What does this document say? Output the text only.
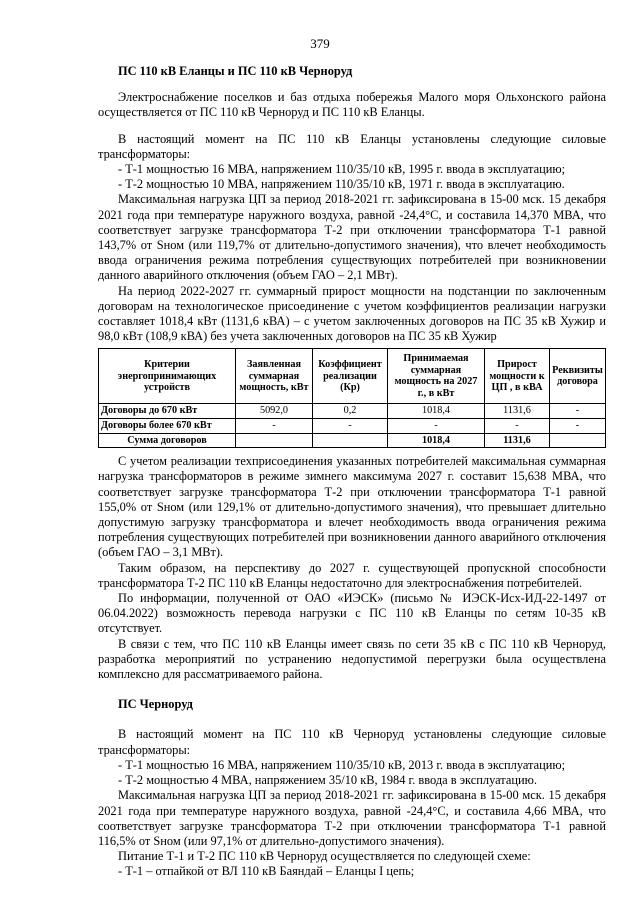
379

ПС 110 кВ Еланцы и ПС 110 кВ Черноруд

Электроснабжение поселков и баз отдыха побережья Малого моря Ольхонского района осуществляется от ПС 110 кВ Черноруд и ПС 110 кВ Еланцы.

В настоящий момент на ПС 110 кВ Еланцы установлены следующие силовые трансформаторы:

- Т-1 мощностью 16 МВА, напряжением 110/35/10 кВ, 1995 г. ввода в эксплуатацию;

- Т-2 мощностью 10 МВА, напряжением 110/35/10 кВ, 1971 г. ввода в эксплуатацию.

Максимальная нагрузка ЦП за период 2018-2021 гг. зафиксирована в 15-00 мск. 15 декабря 2021 года при температуре наружного воздуха, равной -24,4°С, и составила 14,370 МВА, что соответствует загрузке трансформатора Т-2 при отключении трансформатора Т-1 равной 143,7% от Sном (или 119,7% от длительно-допустимого значения), что влечет необходимость ввода ограничения режима потребления существующих потребителей при возникновении данного аварийного отключения (объем ГАО – 2,1 МВт).

На период 2022-2027 гг. суммарный прирост мощности на подстанции по заключенным договорам на технологическое присоединение с учетом коэффициентов реализации нагрузки составляет 1018,4 кВт (1131,6 кВА) – с учетом заключенных договоров на ПС 35 кВ Хужир и 98,0 кВт (108,9 кВА) без учета заключенных договоров на ПС 35 кВ Хужир

Критерии энергопринимающих устройств	Заявленная суммарная мощность, кВт	Коэффициент реализации (Кр)	Принимаемая суммарная мощность на 2027 г., в кВт	Прирост мощности к ЦП , в кВА	Реквизиты договора
Договоры до 670 кВт	5092,0	0,2	1018,4	1131,6	-
Договоры более 670 кВт	-	-	-	-	-
Сумма договоров			1018,4	1131,6	

С учетом реализации техприсоединения указанных потребителей максимальная суммарная нагрузка трансформаторов в режиме зимнего максимума 2027 г. составит 15,638 МВА, что соответствует загрузке трансформатора Т-2 при отключении трансформатора Т-1 равной 155,0% от Sном (или 129,1% от длительно-допустимого значения), что превышает длительно допустимую загрузку трансформатора и влечет необходимость ввода ограничения режима потребления существующих потребителей при возникновении данного аварийного отключения (объем ГАО – 3,1 МВт).

Таким образом, на перспективу до 2027 г. существующей пропускной способности трансформатора Т-2 ПС 110 кВ Еланцы недостаточно для электроснабжения потребителей.

По информации, полученной от ОАО «ИЭСК» (письмо № ИЭСК-Исх-ИД-22-1497 от 06.04.2022) возможность перевода нагрузки с ПС 110 кВ Еланцы по сетям 10-35 кВ отсутствует.

В связи с тем, что ПС 110 кВ Еланцы имеет связь по сети 35 кВ с ПС 110 кВ Черноруд, разработка мероприятий по устранению недопустимой перегрузки была осуществлена комплексно для рассматриваемого района.

ПС Черноруд

В настоящий момент на ПС 110 кВ Черноруд установлены следующие силовые трансформаторы:

- Т-1 мощностью 16 МВА, напряжением 110/35/10 кВ, 2013 г. ввода в эксплуатацию;

- Т-2 мощностью 4 МВА, напряжением 35/10 кВ, 1984 г. ввода в эксплуатацию.

Максимальная нагрузка ЦП за период 2018-2021 гг. зафиксирована в 15-00 мск. 15 декабря 2021 года при температуре наружного воздуха, равной -24,4°С, и составила 4,66 МВА, что соответствует загрузке трансформатора Т-2 при отключении трансформатора Т-1 равной 116,5% от Sном (или 97,1% от длительно-допустимого значения).

Питание Т-1 и Т-2 ПС 110 кВ Черноруд осуществляется по следующей схеме:

- Т-1 – отпайкой от ВЛ 110 кВ Баяндай – Еланцы I цепь;
